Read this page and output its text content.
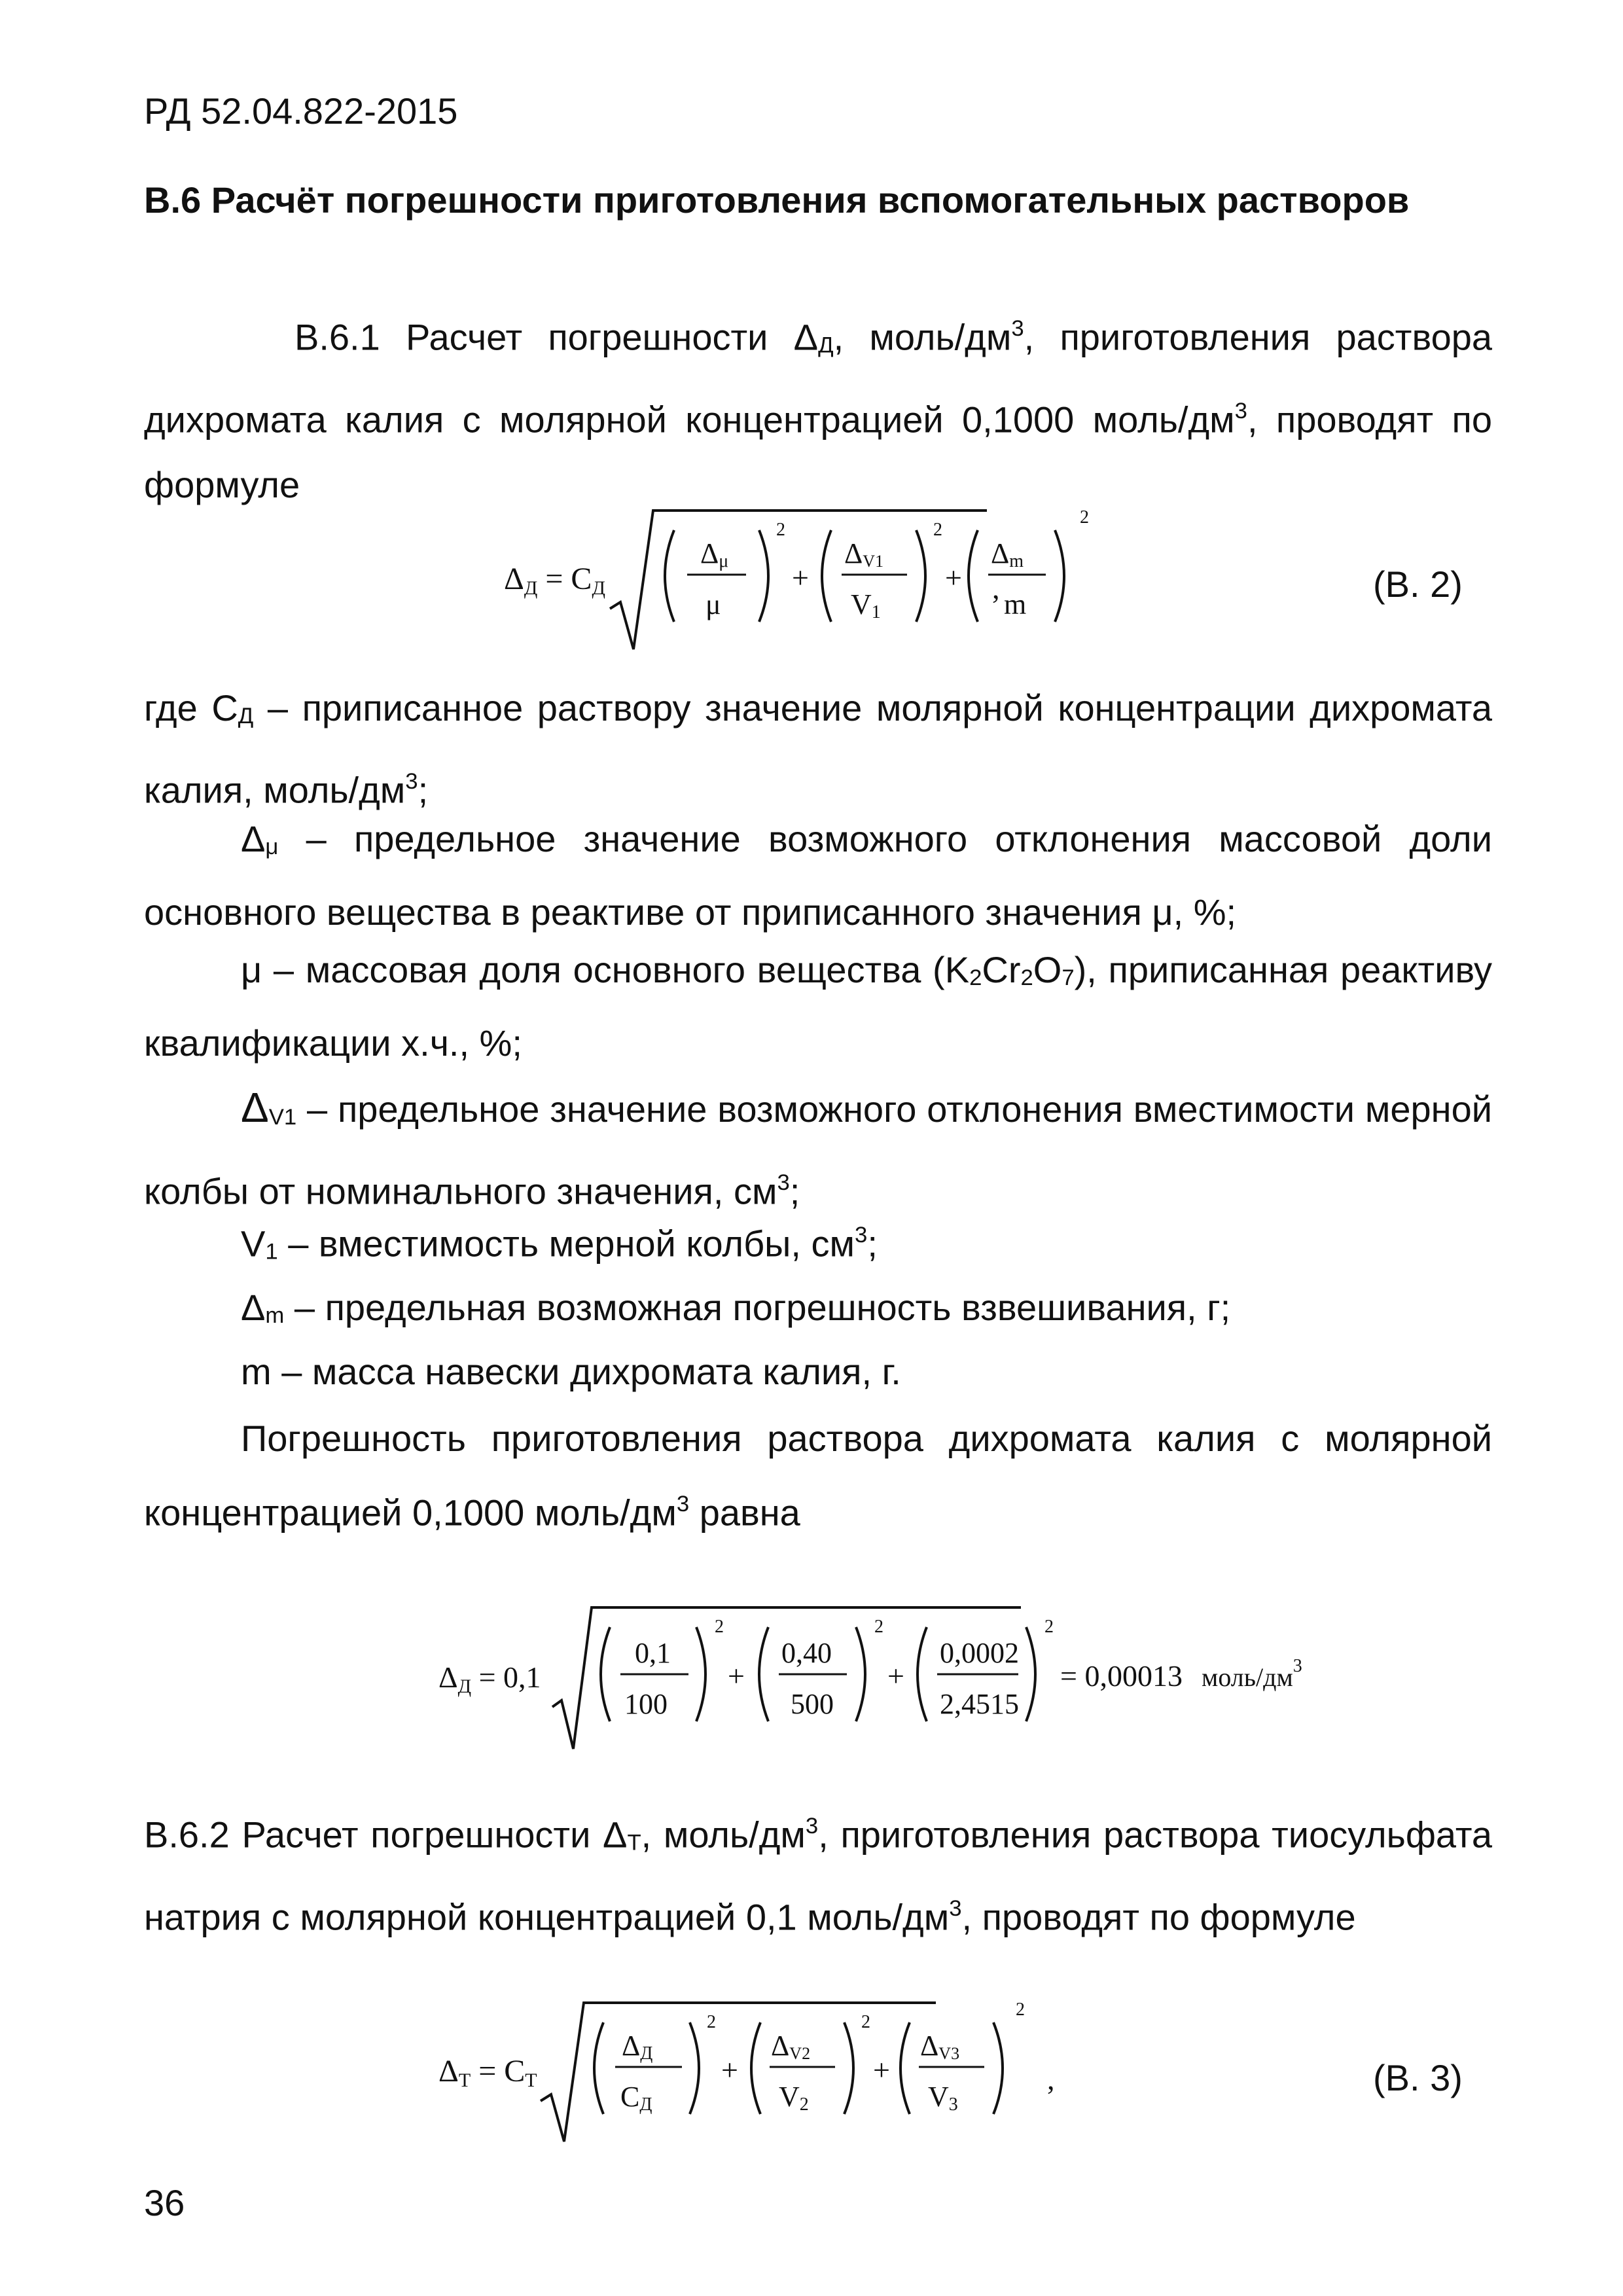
РД 52.04.822-2015
В.6 Расчёт погрешности приготовления вспомогательных растворов
В.6.1 Расчет погрешности ΔД, моль/$дм^3$, приготовления раствора дихромата калия с молярной концентрацией 0,1000 моль/$дм^3$, проводят по формуле
ΔД = СД
Δμ
μ
2
+
ΔV1
V1
2
+
Δm
m
2
,	(В. 2)
где СД – приписанное раствору значение молярной концентрации дихромата калия, моль/$дм^3$;
Δμ – предельное значение возможного отклонения массовой доли основного вещества в реактиве от приписанного значения μ, %;
μ – массовая доля основного вещества (K2Cr2O7), приписанная реактиву квалификации х.ч., %;
ΔV1 – предельное значение возможного отклонения вместимости мерной колбы от номинального значения, $см^3$;
V1 – вместимость мерной колбы, $см^3$;
Δm – предельная возможная погрешность взвешивания, г;
m – масса навески дихромата калия, г.
Погрешность приготовления раствора дихромата калия с молярной концентрацией 0,1000 моль/$дм^3$ равна
ΔД = 0,1
0,1
100
2
+
0,40
500
2
+
0,0002
2,4515
2
= 0,00013 моль/$дм^3$
В.6.2 Расчет погрешности ΔТ, моль/$дм^3$, приготовления раствора тиосульфата натрия с молярной концентрацией 0,1 моль/$дм^3$, проводят по формуле
ΔТ = СТ
ΔД
СД
2
+
ΔV2
V2
2
+
ΔV3
V3
2
,	(В. 3)
36
